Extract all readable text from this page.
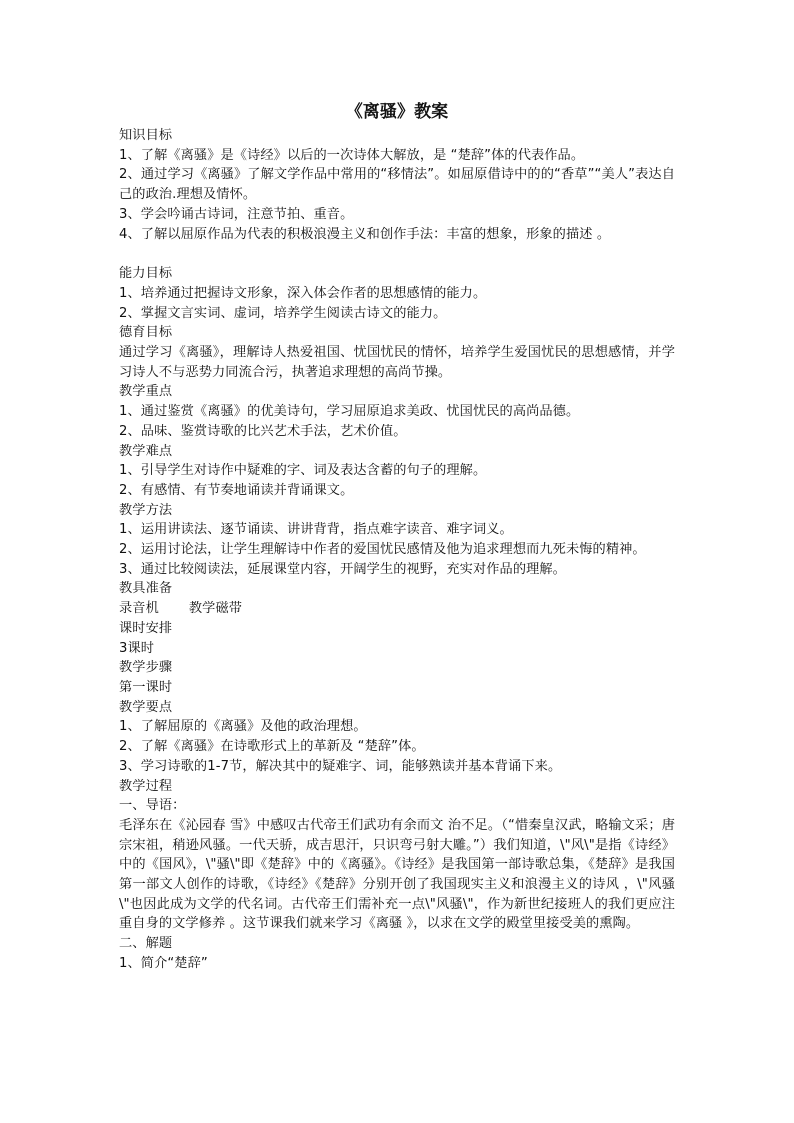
《离骚》教案
知识目标
1、了解《离骚》是《诗经》以后的一次诗体大解放，是 “楚辞”体的代表作品。
2、通过学习《离骚》了解文学作品中常用的“移情法”。如屈原借诗中的的“香草”“美人”表达自己的政治.理想及情怀。
3、学会吟诵古诗词，注意节拍、重音。
4、了解以屈原作品为代表的积极浪漫主义和创作手法：丰富的想象，形象的描述 。
能力目标
1、培养通过把握诗文形象，深入体会作者的思想感情的能力。
2、掌握文言实词、虚词，培养学生阅读古诗文的能力。
德育目标
通过学习《离骚》，理解诗人热爱祖国、忧国忧民的情怀，培养学生爱国忧民的思想感情，并学习诗人不与恶势力同流合污，执著追求理想的高尚节操。
教学重点
1、通过鉴赏《离骚》的优美诗句，学习屈原追求美政、忧国忧民的高尚品德。
2、品味、鉴赏诗歌的比兴艺术手法，艺术价值。
教学难点
1、引导学生对诗作中疑难的字、词及表达含蓄的句子的理解。
2、有感情、有节奏地诵读并背诵课文。
教学方法
1、运用讲读法、逐节诵读、讲讲背背，指点难字读音、难字词义。
2、运用讨论法，让学生理解诗中作者的爱国忧民感情及他为追求理想而九死未悔的精神。
3、通过比较阅读法，延展课堂内容，开阔学生的视野，充实对作品的理解。
教具准备
录音机 教学磁带
课时安排
3课时
教学步骤
第一课时
教学要点
1、了解屈原的《离骚》及他的政治理想。
2、了解《离骚》在诗歌形式上的革新及 “楚辞”体。
3、学习诗歌的1-7节，解决其中的疑难字、词，能够熟读并基本背诵下来。
教学过程
一、导语：
毛泽东在《沁园春 雪》中感叹古代帝王们武功有余而文 治不足。（“惜秦皇汉武，略输文采；唐宗宋祖，稍逊风骚。一代天骄，成吉思汗，只识弯弓射大雕。”）我们知道，\"风\"是指《诗经》中的《国风》，\"骚\"即《楚辞》中的《离骚》。《诗经》是我国第一部诗歌总集，《楚辞》是我国第一部文人创作的诗歌，《诗经》《楚辞》分别开创了我国现实主义和浪漫主义的诗风 ，\"风骚\"也因此成为文学的代名词。古代帝王们需补充一点\"风骚\"，作为新世纪接班人的我们更应注重自身的文学修养 。这节课我们就来学习《离骚 》，以求在文学的殿堂里接受美的熏陶。
二、解题
1、简介“楚辞”
